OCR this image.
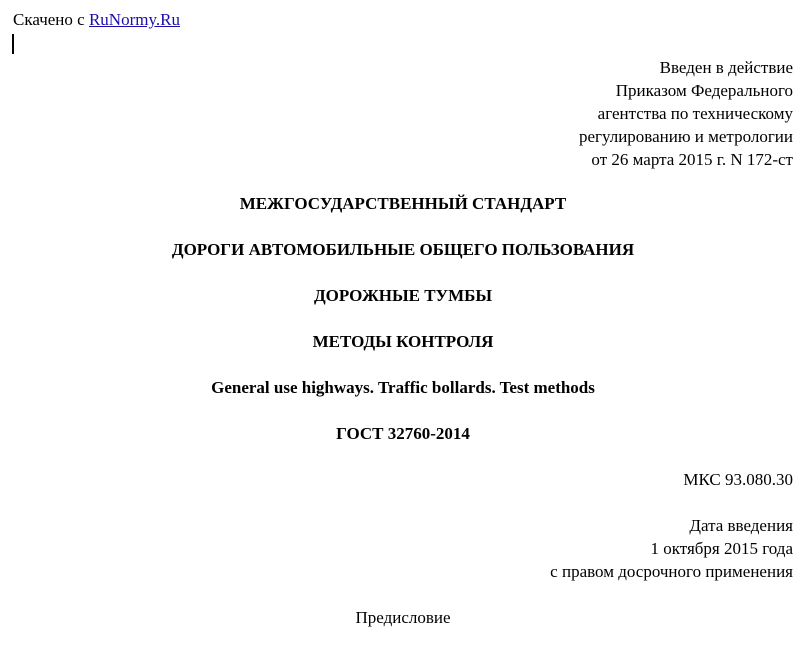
Скачено с RuNormy.Ru
Введен в действие
Приказом Федерального
агентства по техническому
регулированию и метрологии
от 26 марта 2015 г. N 172-ст
МЕЖГОСУДАРСТВЕННЫЙ СТАНДАРТ
ДОРОГИ АВТОМОБИЛЬНЫЕ ОБЩЕГО ПОЛЬЗОВАНИЯ
ДОРОЖНЫЕ ТУМБЫ
МЕТОДЫ КОНТРОЛЯ
General use highways. Traffic bollards. Test methods
ГОСТ 32760-2014
МКС 93.080.30
Дата введения
1 октября 2015 года
с правом досрочного применения
Предисловие
